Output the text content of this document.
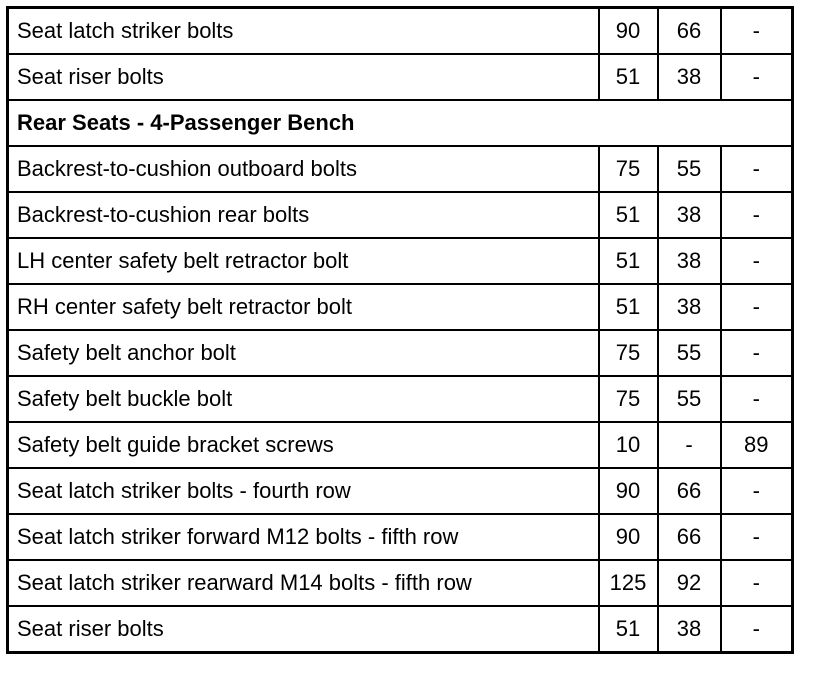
Seat latch striker bolts	90	66	-
Seat riser bolts	51	38	-
Rear Seats - 4-Passenger Bench			
Backrest-to-cushion outboard bolts	75	55	-
Backrest-to-cushion rear bolts	51	38	-
LH center safety belt retractor bolt	51	38	-
RH center safety belt retractor bolt	51	38	-
Safety belt anchor bolt	75	55	-
Safety belt buckle bolt	75	55	-
Safety belt guide bracket screws	10	-	89
Seat latch striker bolts - fourth row	90	66	-
Seat latch striker forward M12 bolts - fifth row	90	66	-
Seat latch striker rearward M14 bolts - fifth row	125	92	-
Seat riser bolts	51	38	-
